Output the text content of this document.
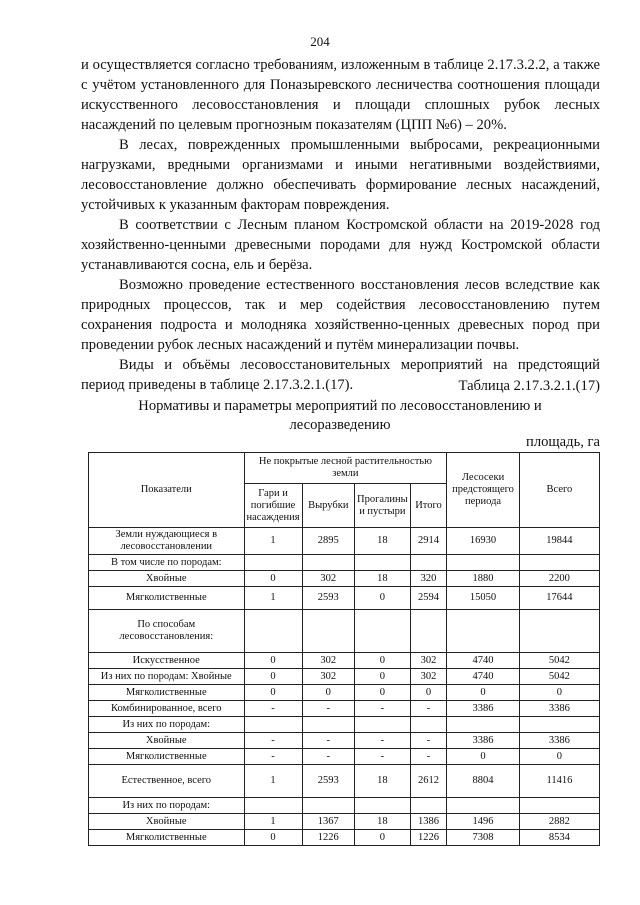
204

и осуществляется согласно требованиям, изложенным в таблице 2.17.3.2.2, а также с учётом установленного для Поназыревского лесничества соотношения площади искусственного лесовосстановления и площади сплошных рубок лесных насаждений по целевым прогнозным показателям (ЦПП №6) – 20%.

В лесах, поврежденных промышленными выбросами, рекреационными нагрузками, вредными организмами и иными негативными воздействиями, лесовосстановление должно обеспечивать формирование лесных насаждений, устойчивых к указанным факторам повреждения.

В соответствии с Лесным планом Костромской области на 2019-2028 год хозяйственно-ценными древесными породами для нужд Костромской области устанавливаются сосна, ель и берёза.

Возможно проведение естественного восстановления лесов вследствие как природных процессов, так и мер содействия лесовосстановлению путем сохранения подроста и молодняка хозяйственно-ценных древесных пород при проведении рубок лесных насаждений и путём минерализации почвы.

Виды и объёмы лесовосстановительных мероприятий на предстоящий период приведены в таблице 2.17.3.2.1.(17).	Таблица 2.17.3.2.1.(17)
Нормативы и параметры мероприятий по лесовосстановлению и лесоразведению
площадь, га
Показатели	Не покрытые лесной растительностью земли				Лесосеки предстоящего периода	Всего
	Гари и погибшие насаждения	Вырубки	Прогалины и пустыри	Итого		
Земли нуждающиеся в лесовосстановлении	1	2895	18	2914	16930	19844
В том числе по породам:						
Хвойные	0	302	18	320	1880	2200
Мягколиственные	1	2593	0	2594	15050	17644
По способам лесовосстановления:						
Искусственное	0	302	0	302	4740	5042
Из них по породам: Хвойные	0	302	0	302	4740	5042
Мягколиственные	0	0	0	0	0	0
Комбинированное, всего	-	-	-	-	3386	3386
Из них по породам:						
Хвойные	-	-	-	-	3386	3386
Мягколиственные	-	-	-	-	0	0
Естественное, всего	1	2593	18	2612	8804	11416
Из них по породам:						
Хвойные	1	1367	18	1386	1496	2882
Мягколиственные	0	1226	0	1226	7308	8534
